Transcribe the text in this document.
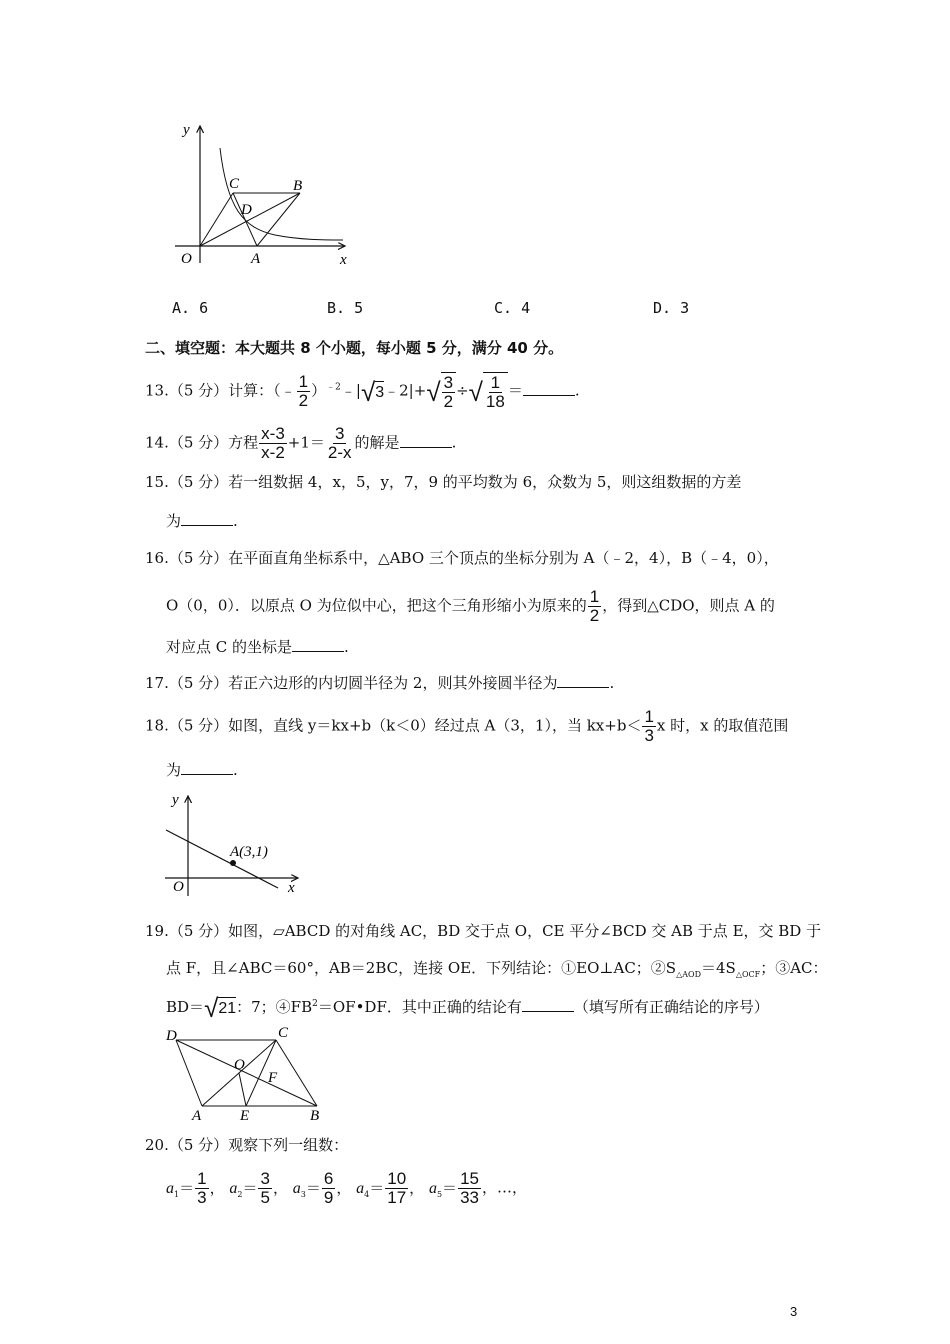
y
x
O	A
B
C
D
A. 6	B. 5	C. 4	D. 3
二、填空题：本大题共 8 个小题，每小题 5 分，满分 40 分。
13.（5 分）计算：（﹣ $\frac{1}{2}$ ）$^{﹣2}$﹣| √ 3 ﹣2|+ √ $\frac{3}{2}$ ÷ √ $\frac{1}{18}$ ＝	.
14.（5 分）方程 $\frac{x-3}{x-2} +1= \frac{3}{2-x}$ 的解是	.
15.（5 分）若一组数据 4，x，5，y，7，9 的平均数为 6，众数为 5，则这组数据的方差
为	.
16.（5 分）在平面直角坐标系中，△ABO 三个顶点的坐标分别为 A（﹣2，4），B（﹣4，0），
O（0，0）．以原点 O 为位似中心，把这个三角形缩小为原来的 $\frac{1}{2}$ ，得到△CDO，则点 A 的
对应点 C 的坐标是	.
17.（5 分）若正六边形的内切圆半径为 2，则其外接圆半径为	.
18.（5 分）如图，直线 y＝kx+b（k＜0）经过点 A（3，1），当 $kx+b< \frac{1}{3}$ x 时，x 的取值范围
为	.
y
x
O
A(3,1)
19.（5 分）如图，▱ABCD 的对角线 AC，BD 交于点 O，CE 平分∠BCD 交 AB 于点 E，交 BD 于
点 F，且∠ABC＝60°，AB＝2BC，连接 OE．下列结论：①EO⊥AC；$②S_{\triangle AOD}=4S_{\triangle OCF}$；③AC：
BD＝ √ 21 ：7；$④FB^2=OF•DF$．其中正确的结论有	（填写所有正确结论的序号）
D	C
O
F
A	E	B
20.（5 分）观察下列一组数：
$a_1= \frac{1}{3}$ ， $a_2= \frac{3}{5}$ ， $a_3= \frac{6}{9}$ ， $a_4= \frac{10}{17}$ ， $a_5= \frac{15}{33}$ ，…，
3
